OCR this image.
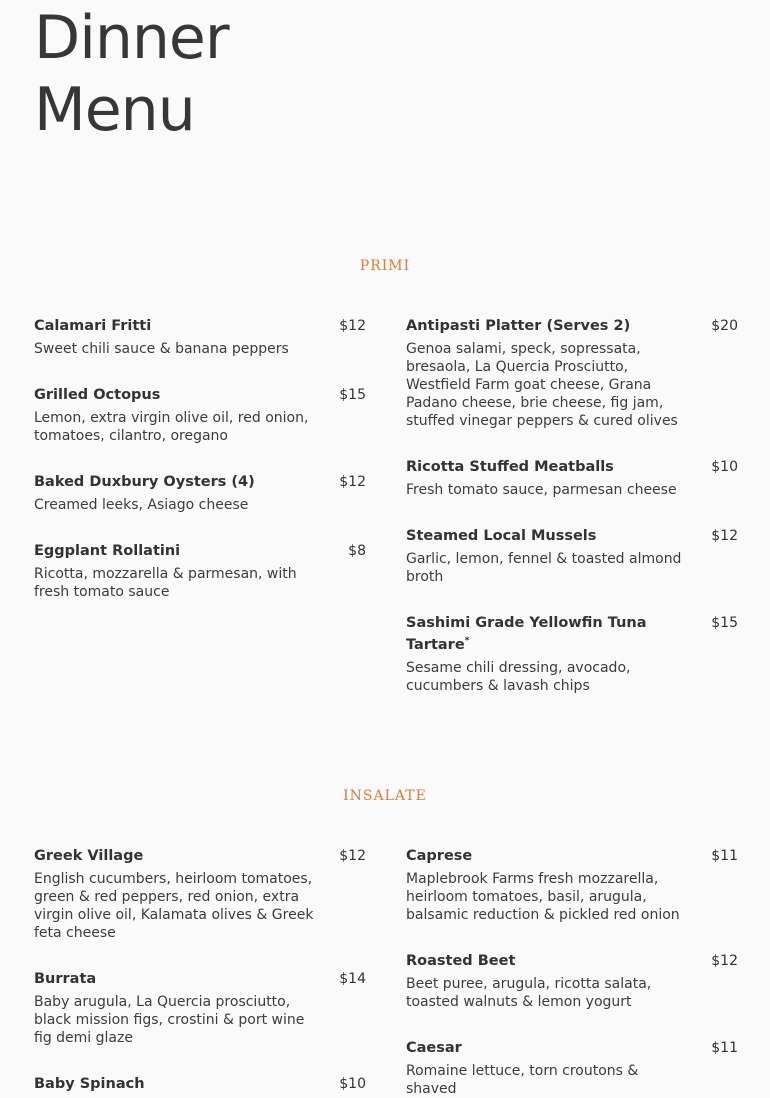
Dinner
Menu
PRIMI
Calamari Fritti	$12
Sweet chili sauce & banana peppers
Grilled Octopus	$15
Lemon, extra virgin olive oil, red onion, tomatoes, cilantro, oregano
Baked Duxbury Oysters (4)	$12
Creamed leeks, Asiago cheese
Eggplant Rollatini	$8
Ricotta, mozzarella & parmesan, with fresh tomato sauce
Antipasti Platter (Serves 2)	$20
Genoa salami, speck, sopressata, bresaola, La Quercia Prosciutto, Westfield Farm goat cheese, Grana Padano cheese, brie cheese, fig jam, stuffed vinegar peppers & cured olives
Ricotta Stuffed Meatballs	$10
Fresh tomato sauce, parmesan cheese
Steamed Local Mussels	$12
Garlic, lemon, fennel & toasted almond broth
Sashimi Grade Yellowfin Tuna Tartare*
$15
Sesame chili dressing, avocado, cucumbers & lavash chips
INSALATE
Greek Village	$12
English cucumbers, heirloom tomatoes, green & red peppers, red onion, extra virgin olive oil, Kalamata olives & Greek feta cheese
Burrata	$14
Baby arugula, La Quercia prosciutto, black mission figs, crostini & port wine fig demi glaze
Baby Spinach	$10
Caprese	$11
Maplebrook Farms fresh mozzarella, heirloom tomatoes, basil, arugula, balsamic reduction & pickled red onion
Roasted Beet	$12
Beet puree, arugula, ricotta salata, toasted walnuts & lemon yogurt
Caesar	$11
Romaine lettuce, torn croutons & shaved
